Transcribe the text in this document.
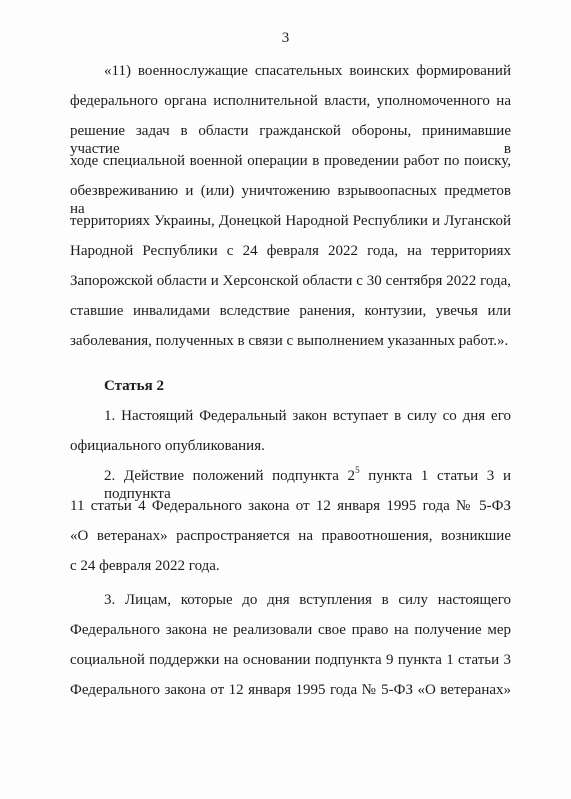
3
«11) военнослужащие спасательных воинских формирований
федерального органа исполнительной власти, уполномоченного на
решение задач в области гражданской обороны, принимавшие участие в
ходе специальной военной операции в проведении работ по поиску,
обезвреживанию и (или) уничтожению взрывоопасных предметов на
территориях Украины, Донецкой Народной Республики и Луганской
Народной Республики с 24 февраля 2022 года, на территориях
Запорожской области и Херсонской области с 30 сентября 2022 года,
ставшие инвалидами вследствие ранения, контузии, увечья или
заболевания, полученных в связи с выполнением указанных работ.».
Статья 2
1. Настоящий Федеральный закон вступает в силу со дня его
официального опубликования.
2. Действие положений подпункта $2^5$ пункта 1 статьи 3 и подпункта
11 статьи 4 Федерального закона от 12 января 1995 года № 5-ФЗ
«О ветеранах» распространяется на правоотношения, возникшие
с 24 февраля 2022 года.
3. Лицам, которые до дня вступления в силу настоящего
Федерального закона не реализовали свое право на получение мер
социальной поддержки на основании подпункта 9 пункта 1 статьи 3
Федерального закона от 12 января 1995 года № 5-ФЗ «О ветеранах»
